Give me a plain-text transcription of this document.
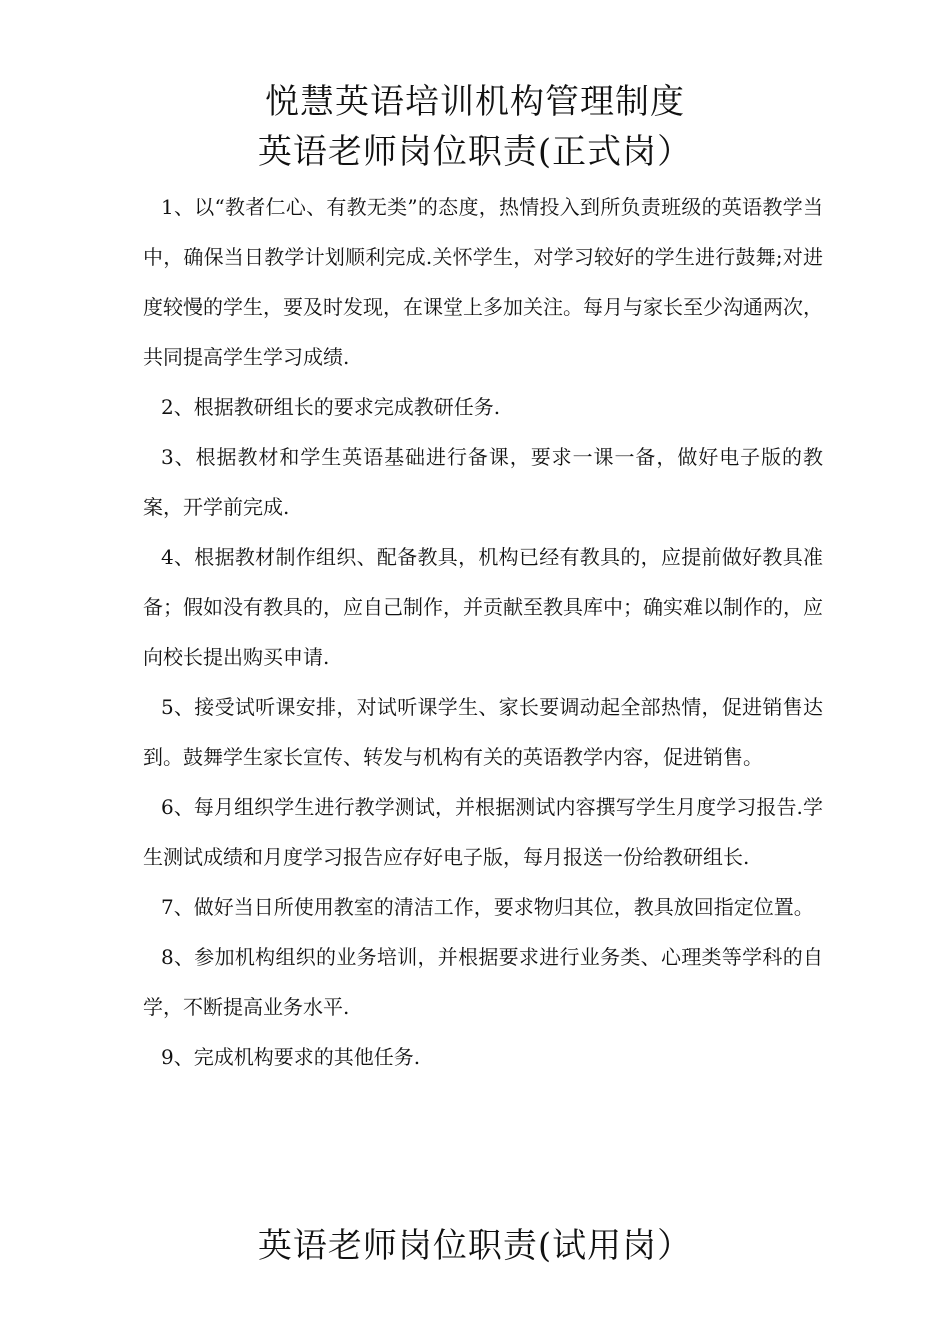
悦慧英语培训机构管理制度
英语老师岗位职责(正式岗）

1、以“教者仁心、有教无类”的态度，热情投入到所负责班级的英语教学当中，确保当日教学计划顺利完成.关怀学生，对学习较好的学生进行鼓舞;对进度较慢的学生，要及时发现，在课堂上多加关注。每月与家长至少沟通两次，共同提高学生学习成绩.

2、根据教研组长的要求完成教研任务.

3、根据教材和学生英语基础进行备课，要求一课一备，做好电子版的教案，开学前完成.

4、根据教材制作组织、配备教具，机构已经有教具的，应提前做好教具准备；假如没有教具的，应自己制作，并贡献至教具库中；确实难以制作的，应向校长提出购买申请.

5、接受试听课安排，对试听课学生、家长要调动起全部热情，促进销售达到。鼓舞学生家长宣传、转发与机构有关的英语教学内容，促进销售。

6、每月组织学生进行教学测试，并根据测试内容撰写学生月度学习报告.学生测试成绩和月度学习报告应存好电子版，每月报送一份给教研组长.

7、做好当日所使用教室的清洁工作，要求物归其位，教具放回指定位置。

8、参加机构组织的业务培训，并根据要求进行业务类、心理类等学科的自学，不断提高业务水平.

9、完成机构要求的其他任务.

英语老师岗位职责(试用岗）
